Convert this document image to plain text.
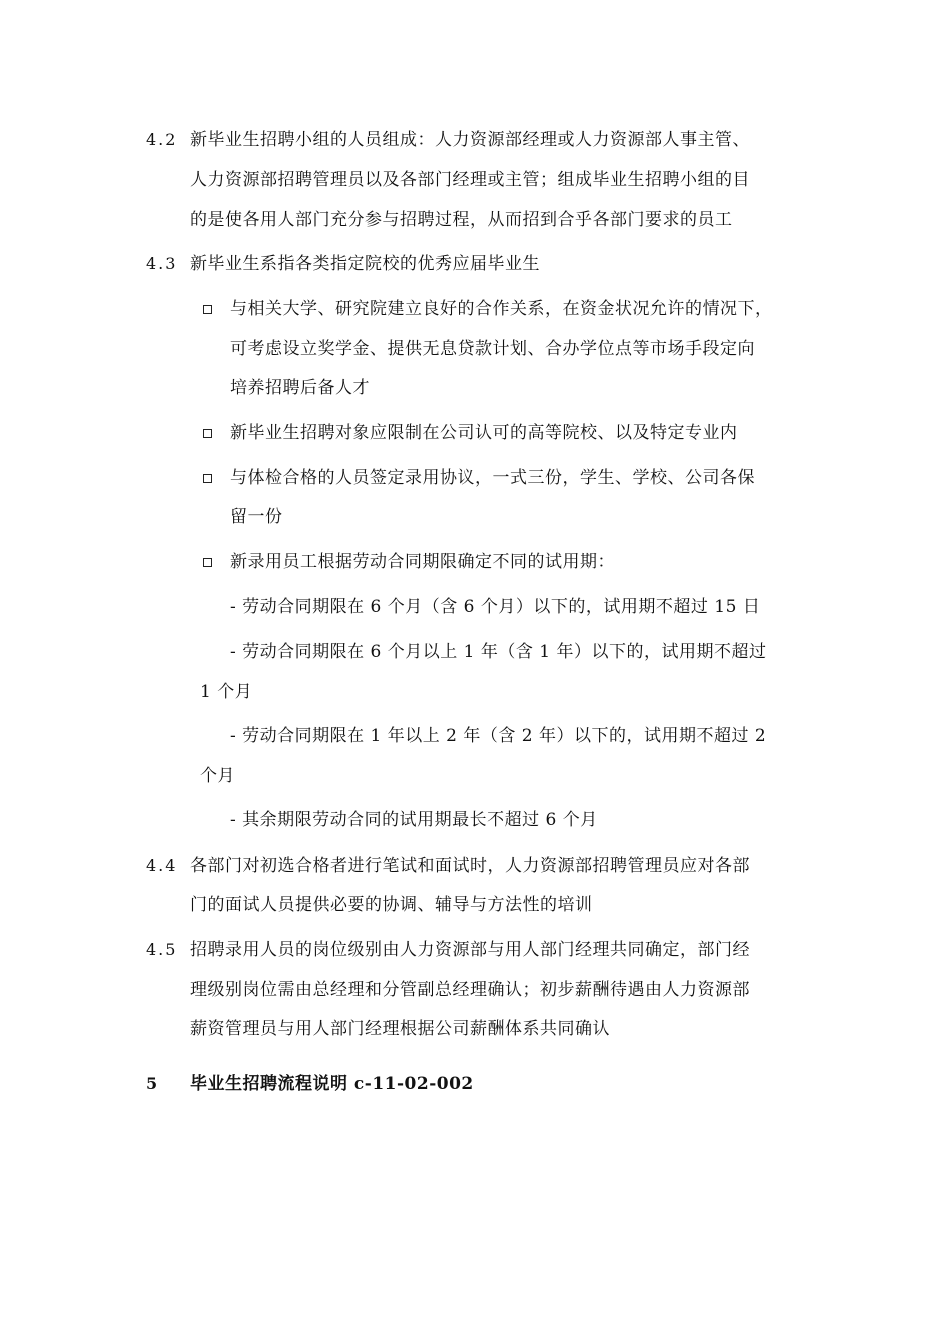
4.2 新毕业生招聘小组的人员组成：人力资源部经理或人力资源部人事主管、

人力资源部招聘管理员以及各部门经理或主管；组成毕业生招聘小组的目

的是使各用人部门充分参与招聘过程，从而招到合乎各部门要求的员工

4.3 新毕业生系指各类指定院校的优秀应届毕业生

与相关大学、研究院建立良好的合作关系，在资金状况允许的情况下，

可考虑设立奖学金、提供无息贷款计划、合办学位点等市场手段定向

培养招聘后备人才

新毕业生招聘对象应限制在公司认可的高等院校、以及特定专业内

与体检合格的人员签定录用协议，一式三份，学生、学校、公司各保

留一份

新录用员工根据劳动合同期限确定不同的试用期：

- 劳动合同期限在 6 个月（含 6 个月）以下的，试用期不超过 15 日

- 劳动合同期限在 6 个月以上 1 年（含 1 年）以下的，试用期不超过

1 个月

- 劳动合同期限在 1 年以上 2 年（含 2 年）以下的，试用期不超过 2

个月

- 其余期限劳动合同的试用期最长不超过 6 个月

4.4 各部门对初选合格者进行笔试和面试时，人力资源部招聘管理员应对各部

门的面试人员提供必要的协调、辅导与方法性的培训

4.5 招聘录用人员的岗位级别由人力资源部与用人部门经理共同确定，部门经

理级别岗位需由总经理和分管副总经理确认；初步薪酬待遇由人力资源部

薪资管理员与用人部门经理根据公司薪酬体系共同确认

5 毕业生招聘流程说明 c-11-02-002
